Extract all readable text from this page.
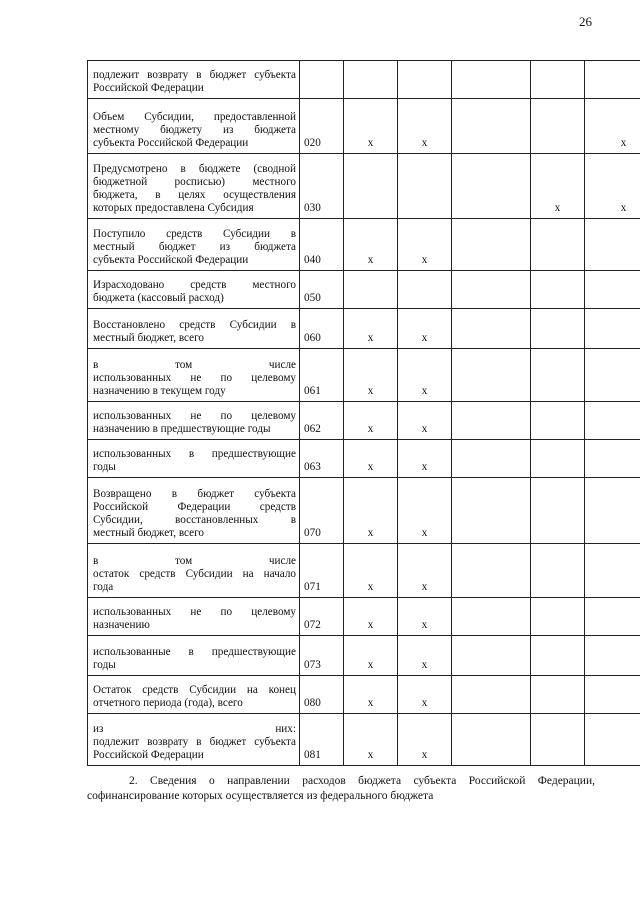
26
подлежит возврату в бюджет субъекта
Российской Федерации						

Объем Субсидии, предоставленной
местному бюджету из бюджета
субъекта Российской Федерации	020	x	x			x

Предусмотрено в бюджете (сводной
бюджетной росписью) местного
бюджета, в целях осуществления
которых предоставлена Субсидия	030				x	x

Поступило средств Субсидии в
местный бюджет из бюджета
субъекта Российской Федерации	040	x	x			

Израсходовано средств местного
бюджета (кассовый расход)	050					

Восстановлено средств Субсидии в
местный бюджет, всего	060	x	x			

в том числе
использованных не по целевому
назначению в текущем году	061	x	x			

использованных не по целевому
назначению в предшествующие годы	062	x	x			

использованных в предшествующие
годы	063	x	x			

Возвращено в бюджет субъекта
Российской Федерации средств
Субсидии, восстановленных в
местный бюджет, всего	070	x	x			

в том числе
остаток средств Субсидии на начало
года	071	x	x			

использованных не по целевому
назначению	072	x	x			

использованные в предшествующие
годы	073	x	x			

Остаток средств Субсидии на конец
отчетного периода (года), всего	080	x	x			

из них:
подлежит возврату в бюджет субъекта
Российской Федерации	081	x	x			
2. Сведения о направлении расходов бюджета субъекта Российской Федерации,
софинансирование которых осуществляется из федерального бюджета
